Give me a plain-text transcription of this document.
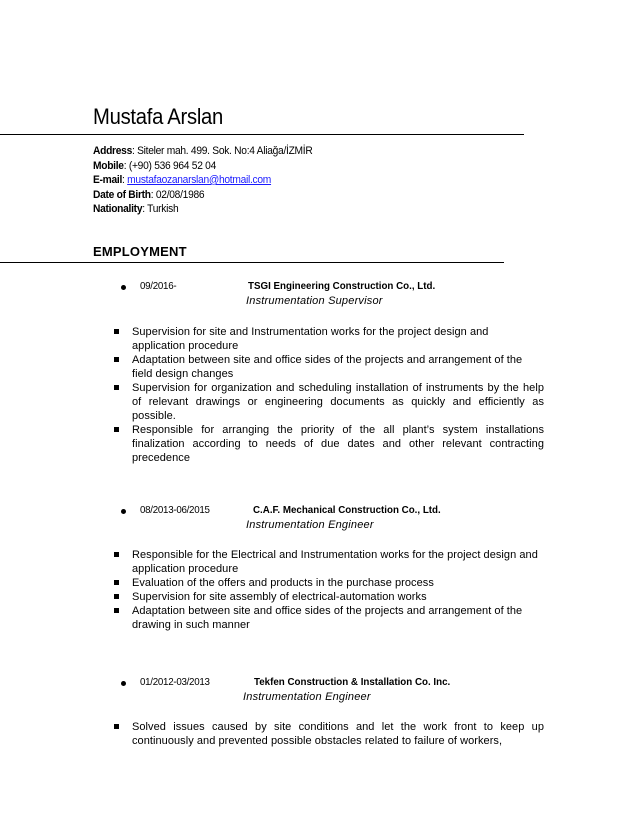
Mustafa Arslan
Address: Siteler mah. 499. Sok. No:4 Aliağa/İZMİR
Mobile: (+90) 536 964 52 04
E-mail: mustafaozanarslan@hotmail.com
Date of Birth: 02/08/1986
Nationality: Turkish
EMPLOYMENT
09/2016-	TSGI Engineering Construction Co., Ltd.
Instrumentation Supervisor
Supervision for site and Instrumentation works for the project design and application procedure
Adaptation between site and office sides of the projects and arrangement of the field design changes
Supervision for organization and scheduling installation of instruments by the help of relevant drawings or engineering documents as quickly and efficiently as possible.
Responsible for arranging the priority of the all plant’s system installations finalization according to needs of due dates and other relevant contracting precedence
08/2013-06/2015	C.A.F. Mechanical Construction Co., Ltd.
Instrumentation Engineer
Responsible for the Electrical and Instrumentation works for the project design and application procedure
Evaluation of the offers and products in the purchase process
Supervision for site assembly of electrical-automation works
Adaptation between site and office sides of the projects and arrangement of the drawing in such manner
01/2012-03/2013	Tekfen Construction & Installation Co. Inc.
Instrumentation Engineer
Solved issues caused by site conditions and let the work front to keep up continuously and prevented possible obstacles related to failure of workers,
